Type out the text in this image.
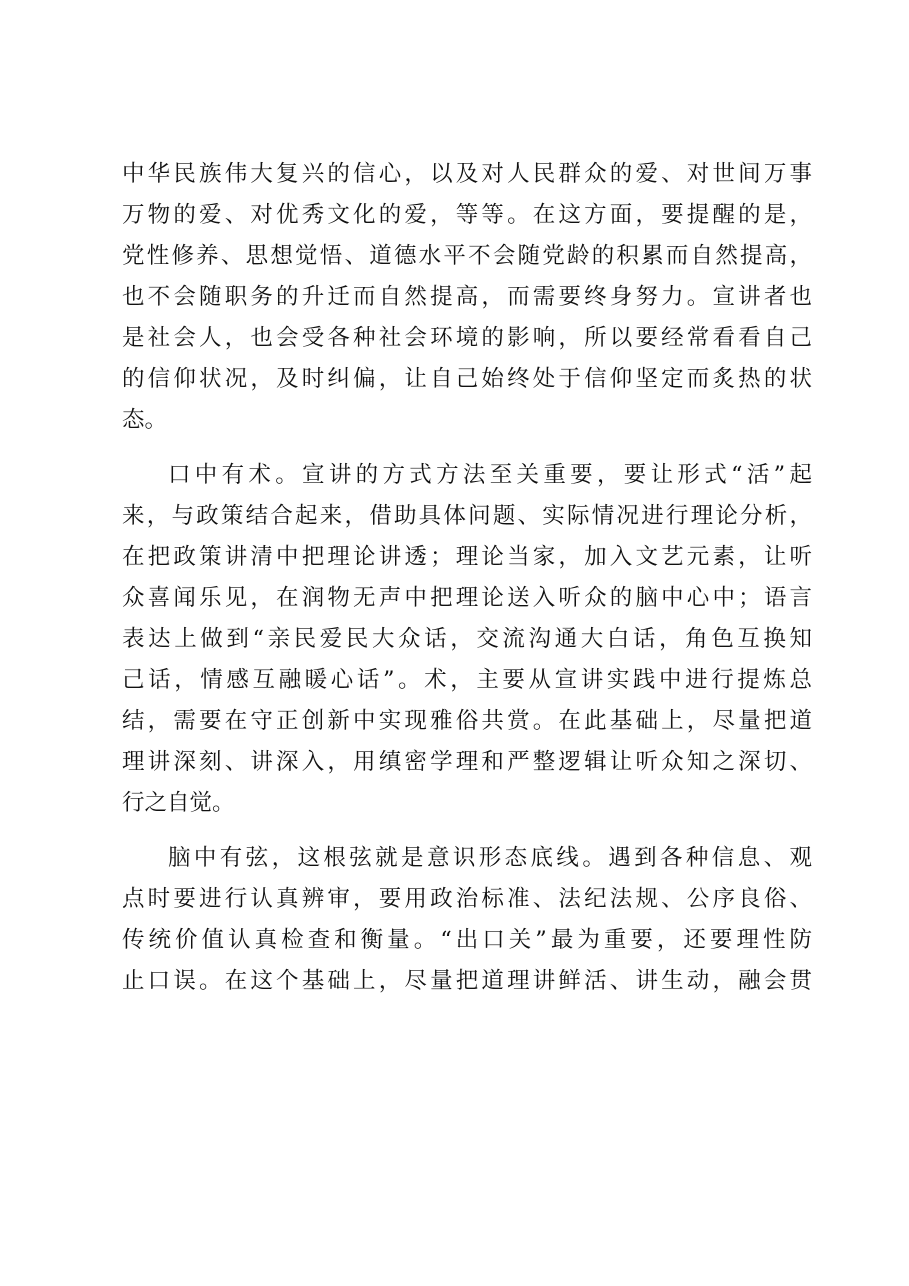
中华民族伟大复兴的信心，以及对人民群众的爱、对世间万事
万物的爱、对优秀文化的爱，等等。在这方面，要提醒的是，
党性修养、思想觉悟、道德水平不会随党龄的积累而自然提高，
也不会随职务的升迁而自然提高，而需要终身努力。宣讲者也
是社会人，也会受各种社会环境的影响，所以要经常看看自己
的信仰状况，及时纠偏，让自己始终处于信仰坚定而炙热的状
态。
口中有术。宣讲的方式方法至关重要，要让形式“活”起
来，与政策结合起来，借助具体问题、实际情况进行理论分析，
在把政策讲清中把理论讲透；理论当家，加入文艺元素，让听
众喜闻乐见，在润物无声中把理论送入听众的脑中心中；语言
表达上做到“亲民爱民大众话，交流沟通大白话，角色互换知
己话，情感互融暖心话”。术，主要从宣讲实践中进行提炼总
结，需要在守正创新中实现雅俗共赏。在此基础上，尽量把道
理讲深刻、讲深入，用缜密学理和严整逻辑让听众知之深切、
行之自觉。
脑中有弦，这根弦就是意识形态底线。遇到各种信息、观
点时要进行认真辨审，要用政治标准、法纪法规、公序良俗、
传统价值认真检查和衡量。“出口关”最为重要，还要理性防
止口误。在这个基础上，尽量把道理讲鲜活、讲生动，融会贯
